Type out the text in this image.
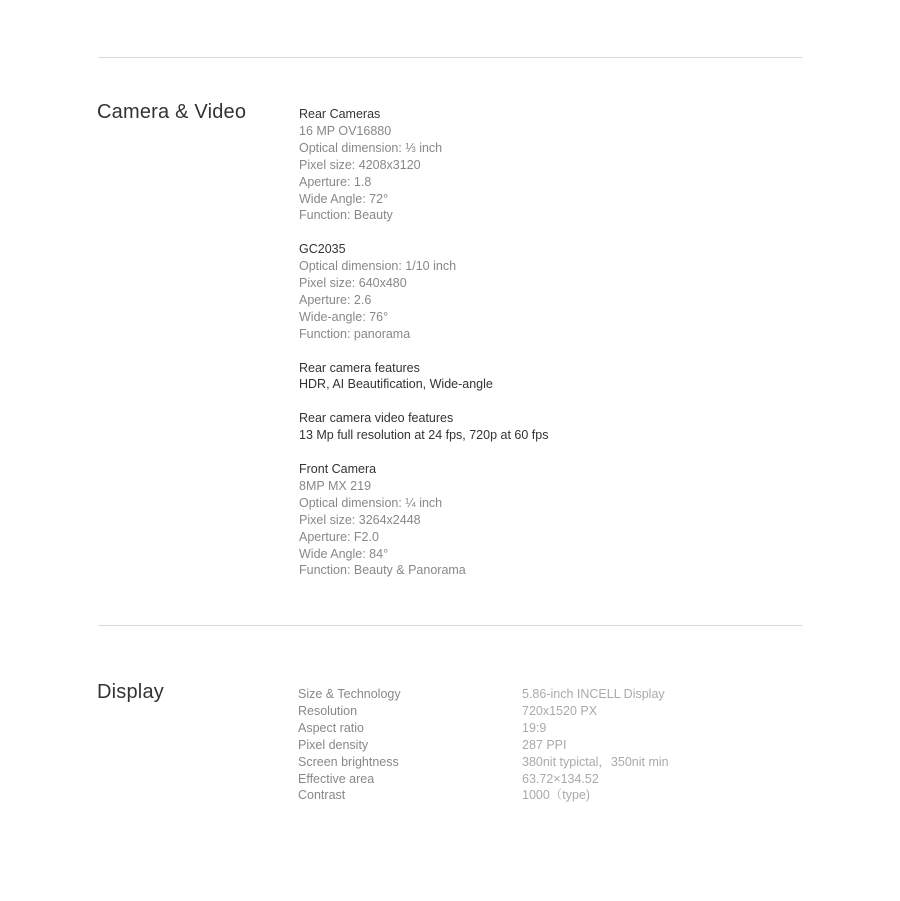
Camera & Video	Rear Cameras
16 MP OV16880
Optical dimension: ⅓ inch
Pixel size: 4208x3120
Aperture: 1.8
Wide Angle: 72°
Function: Beauty
GC2035
Optical dimension: 1/10 inch
Pixel size: 640x480
Aperture: 2.6
Wide-angle: 76°
Function: panorama
Rear camera features
HDR, AI Beautification, Wide-angle
Rear camera video features
13 Mp full resolution at 24 fps, 720p at 60 fps
Front Camera
8MP MX 219
Optical dimension: ¼ inch
Pixel size: 3264x2448
Aperture: F2.0
Wide Angle: 84°
Function: Beauty & Panorama
Display	Size & Technology	5.86-inch INCELL Display
Resolution	720x1520 PX
Aspect ratio	19:9
Pixel density	287 PPI
Screen brightness	380nit typictal，350nit min
Effective area	63.72×134.52
Contrast	1000（type)
